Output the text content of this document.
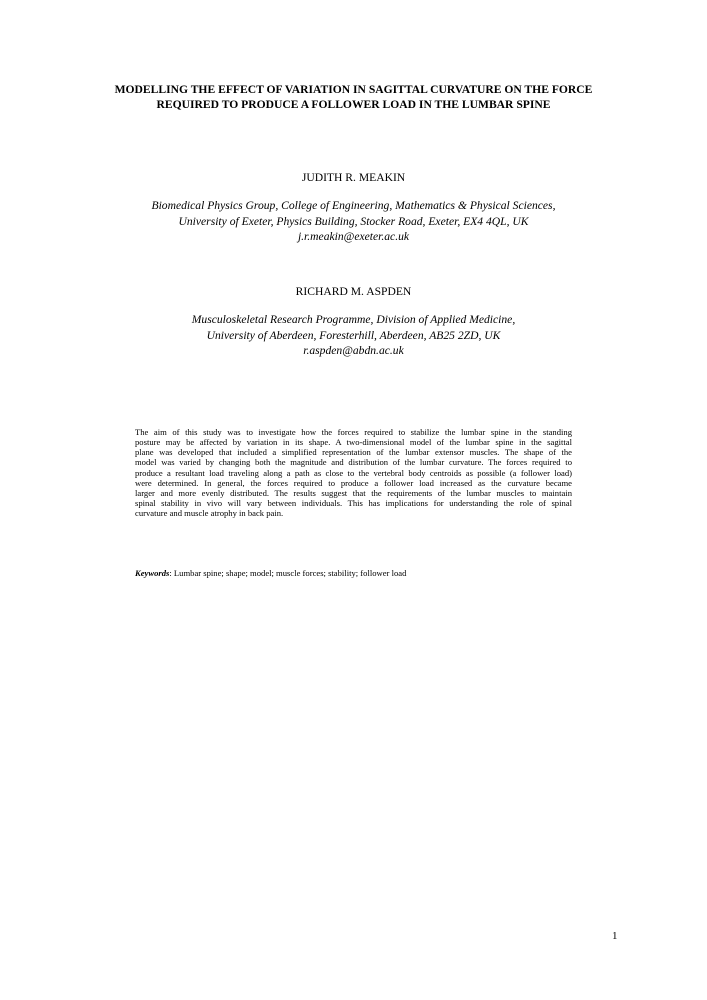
MODELLING THE EFFECT OF VARIATION IN SAGITTAL CURVATURE ON THE FORCE
REQUIRED TO PRODUCE A FOLLOWER LOAD IN THE LUMBAR SPINE
JUDITH R. MEAKIN
Biomedical Physics Group, College of Engineering, Mathematics & Physical Sciences,
University of Exeter, Physics Building, Stocker Road, Exeter, EX4 4QL, UK
j.r.meakin@exeter.ac.uk
RICHARD M. ASPDEN
Musculoskeletal Research Programme, Division of Applied Medicine,
University of Aberdeen, Foresterhill, Aberdeen, AB25 2ZD, UK
r.aspden@abdn.ac.uk
The aim of this study was to investigate how the forces required to stabilize the lumbar spine in the standing
posture may be affected by variation in its shape. A two-dimensional model of the lumbar spine in the sagittal
plane was developed that included a simplified representation of the lumbar extensor muscles. The shape of the
model was varied by changing both the magnitude and distribution of the lumbar curvature. The forces required to
produce a resultant load traveling along a path as close to the vertebral body centroids as possible (a follower load)
were determined. In general, the forces required to produce a follower load increased as the curvature became
larger and more evenly distributed. The results suggest that the requirements of the lumbar muscles to maintain
spinal stability in vivo will vary between individuals. This has implications for understanding the role of spinal
curvature and muscle atrophy in back pain.
Keywords: Lumbar spine; shape; model; muscle forces; stability; follower load
1
